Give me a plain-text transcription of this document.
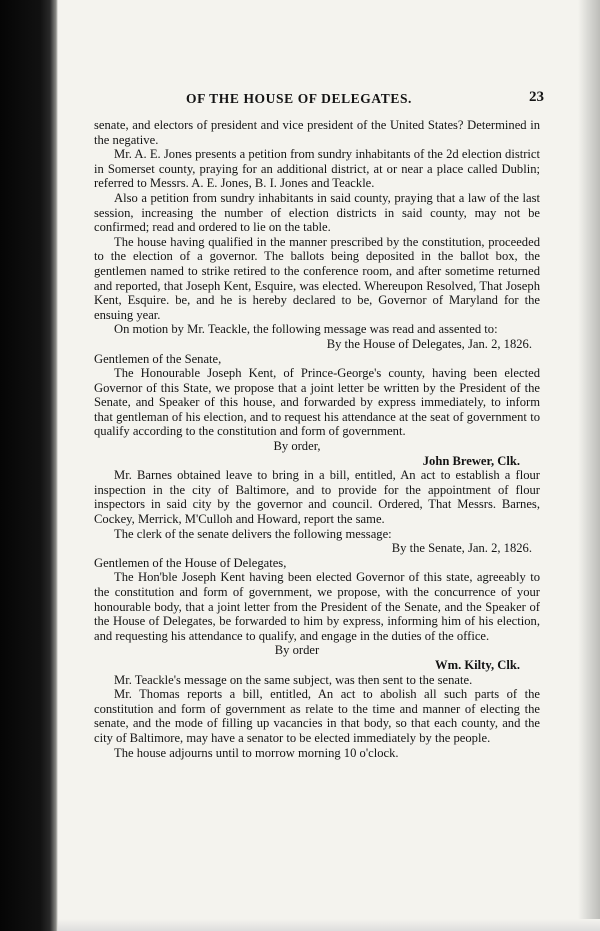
OF THE HOUSE OF DELEGATES.	23

senate, and electors of president and vice president of the United States? Determined in the negative.

Mr. A. E. Jones presents a petition from sundry inhabitants of the 2d election district in Somerset county, praying for an additional district, at or near a place called Dublin; referred to Messrs. A. E. Jones, B. I. Jones and Teackle.

Also a petition from sundry inhabitants in said county, praying that a law of the last session, increasing the number of election districts in said county, may not be confirmed; read and ordered to lie on the table.

The house having qualified in the manner prescribed by the constitution, proceeded to the election of a governor. The ballots being deposited in the ballot box, the gentlemen named to strike retired to the conference room, and after sometime returned and reported, that Joseph Kent, Esquire, was elected. Whereupon Resolved, That Joseph Kent, Esquire. be, and he is hereby declared to be, Governor of Maryland for the ensuing year.

On motion by Mr. Teackle, the following message was read and assented to:

By the House of Delegates, Jan. 2, 1826.

Gentlemen of the Senate,

The Honourable Joseph Kent, of Prince-George's county, having been elected Governor of this State, we propose that a joint letter be written by the President of the Senate, and Speaker of this house, and forwarded by express immediately, to inform that gentleman of his election, and to request his attendance at the seat of government to qualify according to the constitution and form of government.

By order,

John Brewer, Clk.

Mr. Barnes obtained leave to bring in a bill, entitled, An act to establish a flour inspection in the city of Baltimore, and to provide for the appointment of flour inspectors in said city by the governor and council. Ordered, That Messrs. Barnes, Cockey, Merrick, M'Culloh and Howard, report the same.

The clerk of the senate delivers the following message:

By the Senate, Jan. 2, 1826.

Gentlemen of the House of Delegates,

The Hon'ble Joseph Kent having been elected Governor of this state, agreeably to the constitution and form of government, we propose, with the concurrence of your honourable body, that a joint letter from the President of the Senate, and the Speaker of the House of Delegates, be forwarded to him by express, informing him of his election, and requesting his attendance to qualify, and engage in the duties of the office.

By order

Wm. Kilty, Clk.

Mr. Teackle's message on the same subject, was then sent to the senate.

Mr. Thomas reports a bill, entitled, An act to abolish all such parts of the constitution and form of government as relate to the time and manner of electing the senate, and the mode of filling up vacancies in that body, so that each county, and the city of Baltimore, may have a senator to be elected immediately by the people.

The house adjourns until to morrow morning 10 o'clock.
